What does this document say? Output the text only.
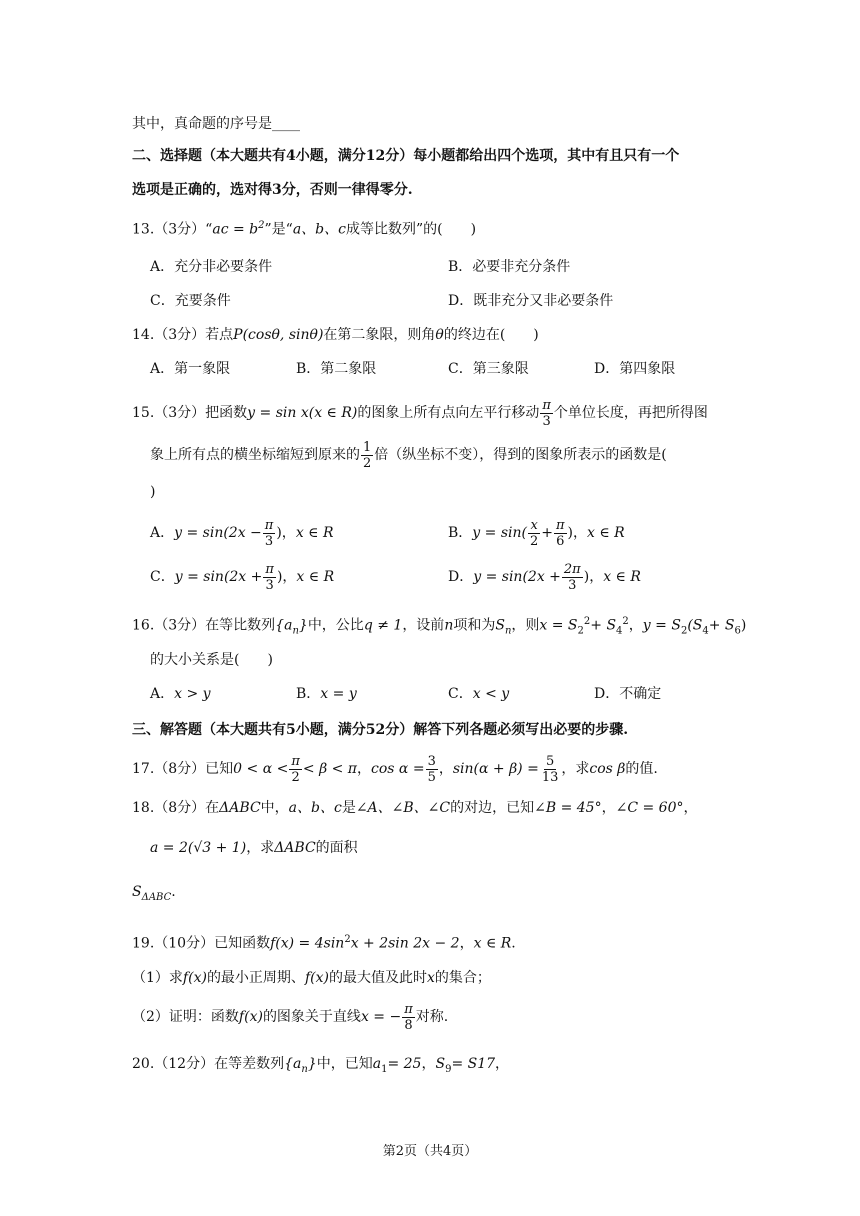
其中，真命题的序号是____
二、选择题（本大题共有4小题，满分12分）每小题都给出四个选项，其中有且只有一个
选项是正确的，选对得3分，否则一律得零分.
13.（3分）“ac = $b^2$”是“a、b、c成等比数列”的(　　)
A．充分非必要条件	B．必要非充分条件
C．充要条件	D．既非充分又非必要条件
14.（3分）若点P(cosθ, sinθ)在第二象限，则角θ的终边在(　　)
A．第一象限	B．第二象限	C．第三象限	D．第四象限
15.（3分）把函数y = sin x(x ∈ R)的图象上所有点向左平行移动 $\frac{\pi}{3}$ 个单位长度，再把所得图
象上所有点的横坐标缩短到原来的 $\frac{1}{2}$ 倍（纵坐标不变），得到的图象所表示的函数是(
)
A．$y = \sin(2x - \frac{\pi}{3}$ )，x ∈ R	B．$y = \sin( \frac{x}{2} + \frac{\pi}{6}$ )，x ∈ R
C．$y = \sin(2x + \frac{\pi}{3}$ )，x ∈ R	D．$y = \sin(2x + \frac{2\pi}{3}$ )，x ∈ R
16.（3分）在等比数列$\{a_n\}$中，公比q ≠ 1，设前n项和为$S_n$，则$x = S_2^2+ S_4^2$，$y = S_2(S_4+ S_6)$
的大小关系是(　　)
A．x > y	B．x = y	C．x < y	D．不确定
三、解答题（本大题共有5小题，满分52分）解答下列各题必须写出必要的步骤.
17.（8分）已知$0 < \alpha < \frac{\pi}{2} < \beta < \pi$，$\cos \alpha = \frac{3}{5}$ ，$\sin(\alpha + \beta) = \frac{5}{13}$ ，求cos β的值.
18.（8分）在ΔABC中，a、b、c是∠A、∠B、∠C的对边，已知∠B = 45°，∠C = 60°，
a = 2(√3 + 1)，求ΔABC的面积
$S_{\Delta ABC}$.
19.（10分）已知函数$f(x) = 4\sin^2x + 2\sin$ 2x − 2，x ∈ R.
（1）求f(x)的最小正周期、f(x)的最大值及此时x的集合；
（2）证明：函数f(x)的图象关于直线x = − $\frac{\pi}{8}$ 对称.
20.（12分）在等差数列$\{a_n\}$中，已知$a_1= 25$，$S_9= S17$，
第2页（共4页）
